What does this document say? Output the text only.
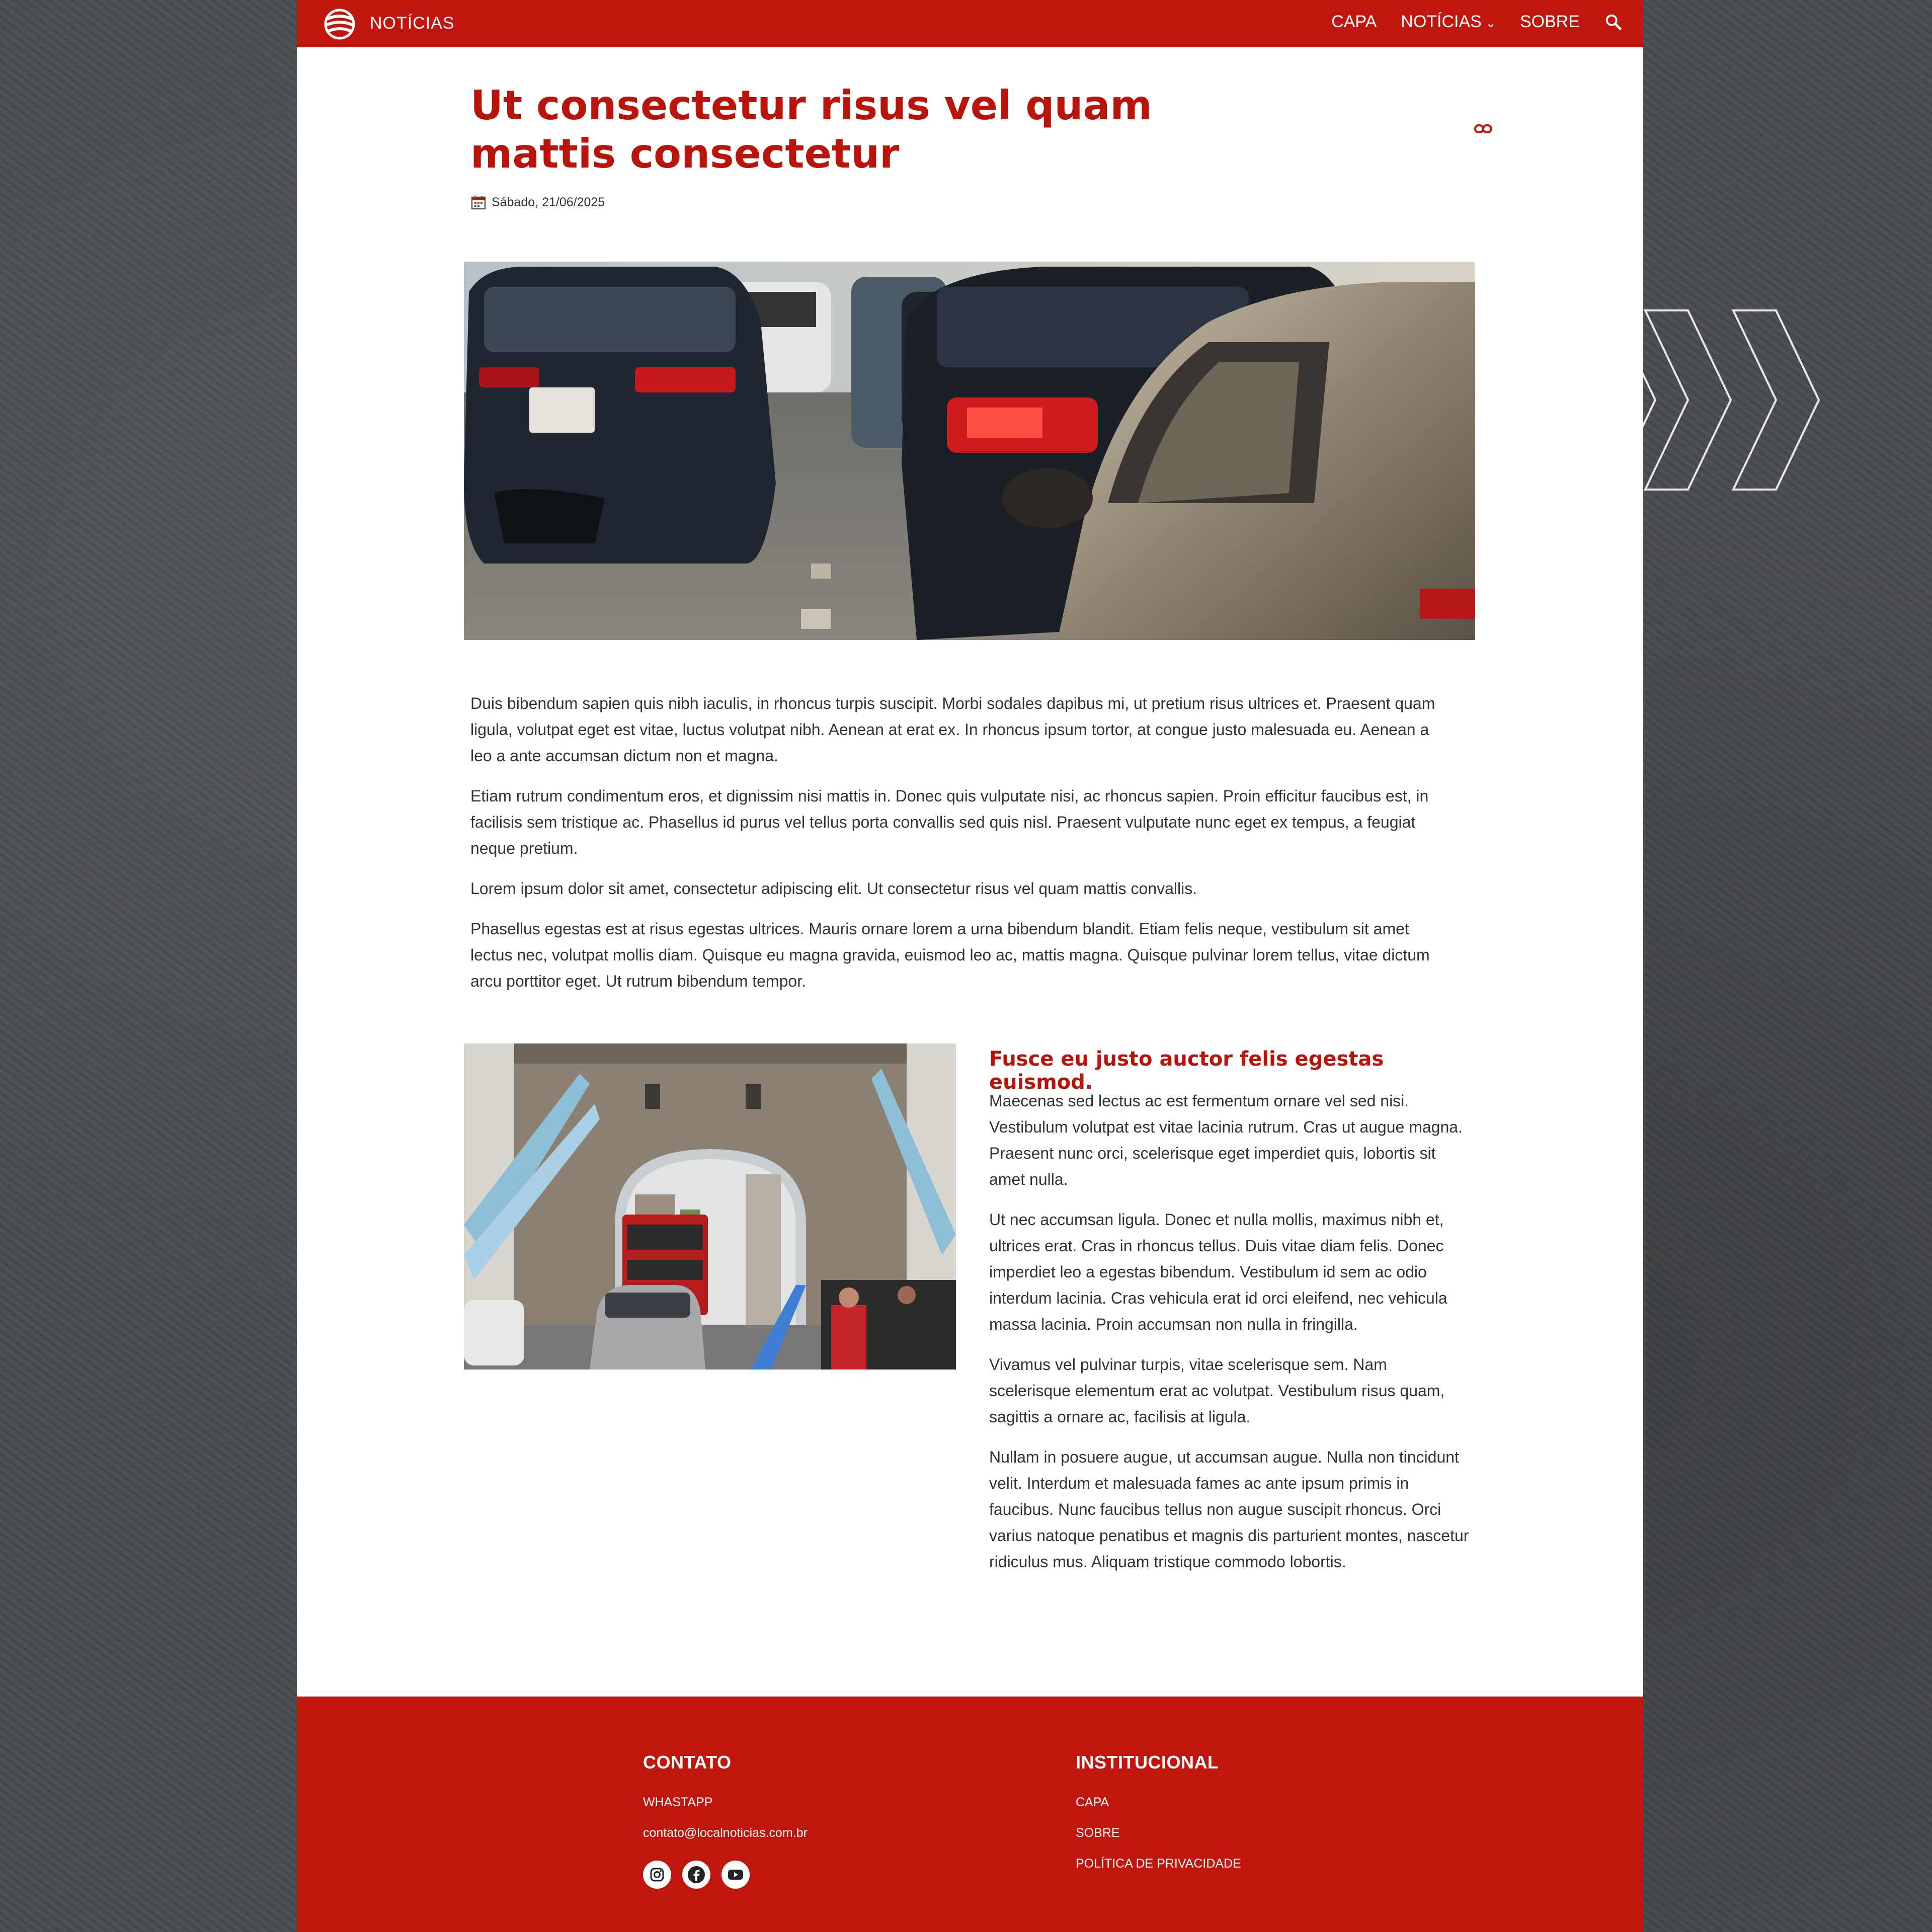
NOTÍCIAS	CAPA NOTÍCIAS ⌄ SOBRE
Ut consectetur risus vel quam mattis consectetur
Sábado, 21/06/2025

Duis bibendum sapien quis nibh iaculis, in rhoncus turpis suscipit. Morbi sodales dapibus mi, ut pretium risus ultrices et. Praesent quam ligula, volutpat eget est vitae, luctus volutpat nibh. Aenean at erat ex. In rhoncus ipsum tortor, at congue justo malesuada eu. Aenean a leo a ante accumsan dictum non et magna.

Etiam rutrum condimentum eros, et dignissim nisi mattis in. Donec quis vulputate nisi, ac rhoncus sapien. Proin efficitur faucibus est, in facilisis sem tristique ac. Phasellus id purus vel tellus porta convallis sed quis nisl. Praesent vulputate nunc eget ex tempus, a feugiat neque pretium.

Lorem ipsum dolor sit amet, consectetur adipiscing elit. Ut consectetur risus vel quam mattis convallis.

Phasellus egestas est at risus egestas ultrices. Mauris ornare lorem a urna bibendum blandit. Etiam felis neque, vestibulum sit amet lectus nec, volutpat mollis diam. Quisque eu magna gravida, euismod leo ac, mattis magna. Quisque pulvinar lorem tellus, vitae dictum arcu porttitor eget. Ut rutrum bibendum tempor.

Fusce eu justo auctor felis egestas euismod.

Maecenas sed lectus ac est fermentum ornare vel sed nisi. Vestibulum volutpat est vitae lacinia rutrum. Cras ut augue magna. Praesent nunc orci, scelerisque eget imperdiet quis, lobortis sit amet nulla.

Ut nec accumsan ligula. Donec et nulla mollis, maximus nibh et, ultrices erat. Cras in rhoncus tellus. Duis vitae diam felis. Donec imperdiet leo a egestas bibendum. Vestibulum id sem ac odio interdum lacinia. Cras vehicula erat id orci eleifend, nec vehicula massa lacinia. Proin accumsan non nulla in fringilla.

Vivamus vel pulvinar turpis, vitae scelerisque sem. Nam scelerisque elementum erat ac volutpat. Vestibulum risus quam, sagittis a ornare ac, facilisis at ligula.

Nullam in posuere augue, ut accumsan augue. Nulla non tincidunt velit. Interdum et malesuada fames ac ante ipsum primis in faucibus. Nunc faucibus tellus non augue suscipit rhoncus. Orci varius natoque penatibus et magnis dis parturient montes, nascetur ridiculus mus. Aliquam tristique commodo lobortis.

CONTATO
WHASTAPP
contato@localnoticias.com.br
INSTITUCIONAL
CAPA
SOBRE
POLÍTICA DE PRIVACIDADE
